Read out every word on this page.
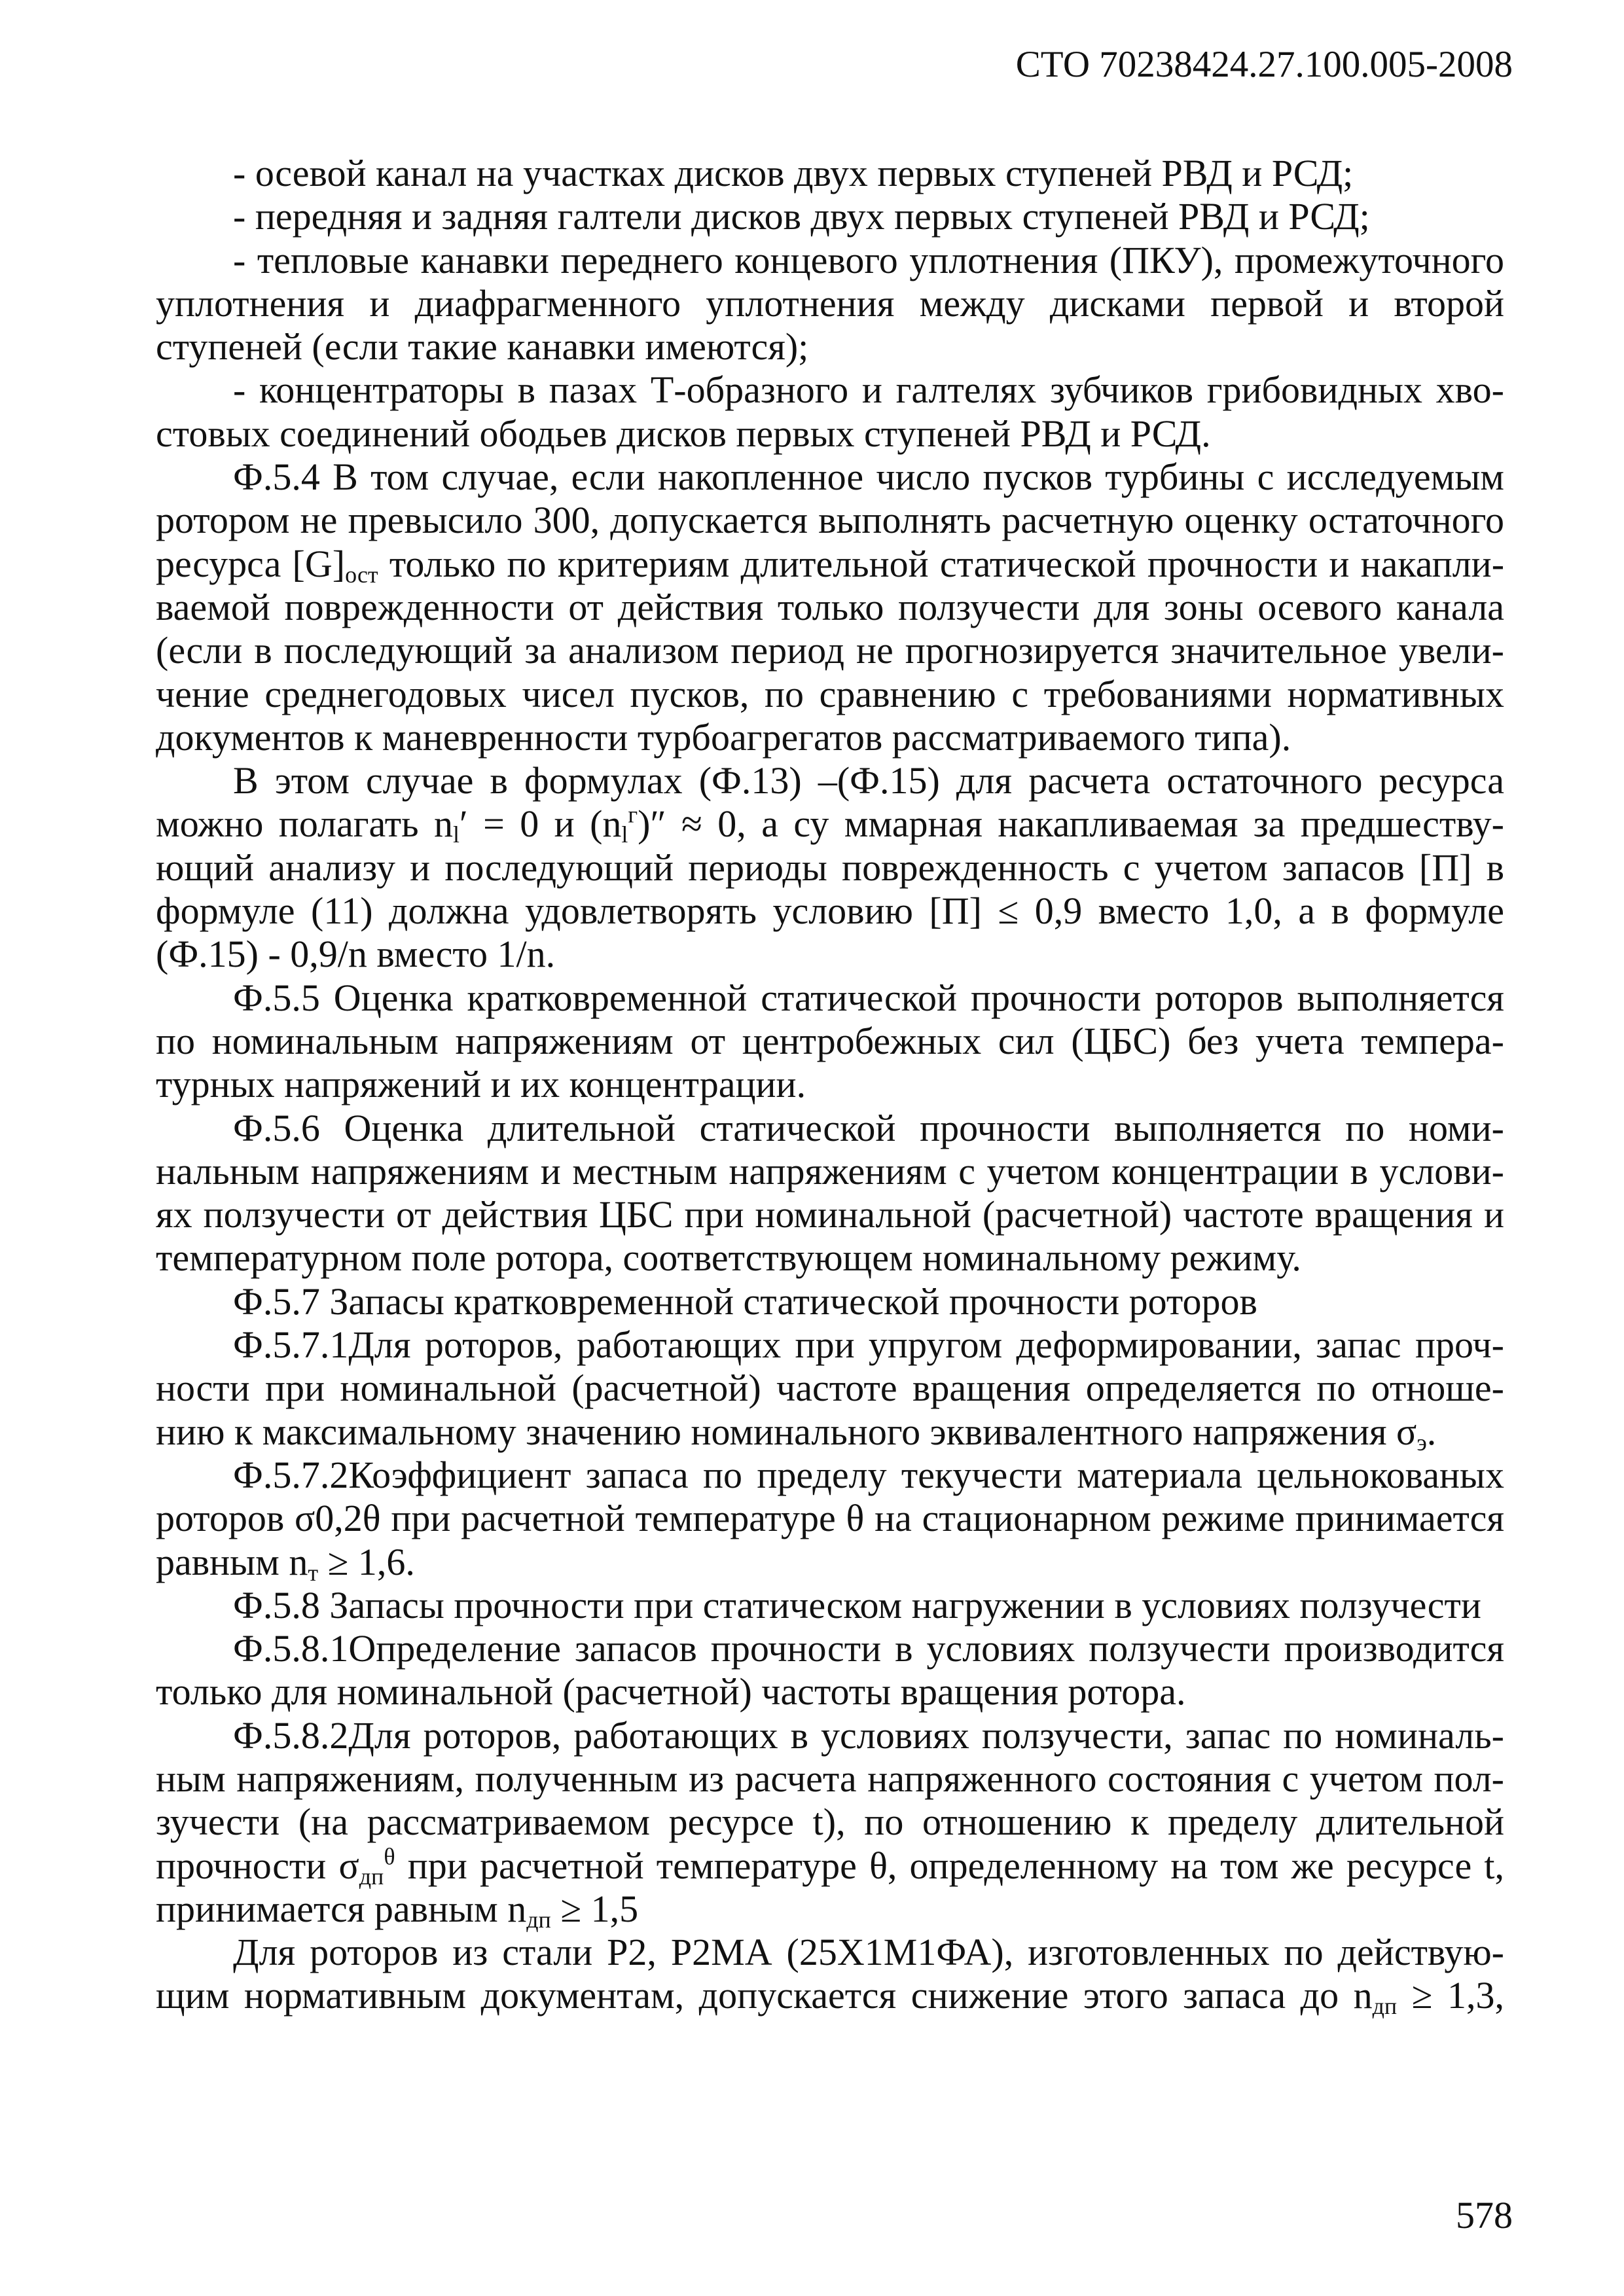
СТО 70238424.27.100.005-2008

- осевой канал на участках дисков двух первых ступеней РВД и РСД;

- передняя и задняя галтели дисков двух первых ступеней РВД и РСД;

- тепловые канавки переднего концевого уплотнения (ПКУ), промежуточного уплотнения и диафрагменного уплотнения между дисками первой и второй ступеней (если такие канавки имеются);

- концентраторы в пазах Т-образного и галтелях зубчиков грибовидных хвостовых соединений ободьев дисков первых ступеней РВД и РСД.

Ф.5.4 В том случае, если накопленное число пусков турбины с исследуемым ротором не превысило 300, допускается выполнять расчетную оценку остаточного ресурса $[G]_{ост}$ только по критериям длительной статической прочности и накапливаемой поврежденности от действия только ползучести для зоны осевого канала (если в последующий за анализом период не прогнозируется значительное увеличение среднегодовых чисел пусков, по сравнению с требованиями нормативных документов к маневренности турбоагрегатов рассматриваемого типа).

В этом случае в формулах (Ф.13) –(Ф.15) для расчета остаточного ресурса можно полагать $n_l' = 0$ и $(n_l^г)'' \approx 0$, а су ммарная накапливаемая за предшествующий анализу и последующий периоды поврежденность с учетом запасов [П] в формуле (11) должна удовлетворять условию [П] ≤ 0,9 вместо 1,0, а в формуле (Ф.15) - 0,9/n вместо 1/n.

Ф.5.5 Оценка кратковременной статической прочности роторов выполняется по номинальным напряжениям от центробежных сил (ЦБС) без учета температурных напряжений и их концентрации.

Ф.5.6 Оценка длительной статической прочности выполняется по номинальным напряжениям и местным напряжениям с учетом концентрации в условиях ползучести от действия ЦБС при номинальной (расчетной) частоте вращения и температурном поле ротора, соответствующем номинальному режиму.

Ф.5.7 Запасы кратковременной статической прочности роторов

Ф.5.7.1Для роторов, работающих при упругом деформировании, запас прочности при номинальной (расчетной) частоте вращения определяется по отношению к максимальному значению номинального эквивалентного напряжения $\sigma_э$.

Ф.5.7.2Коэффициент запаса по пределу текучести материала цельнокованых роторов σ0,2θ при расчетной температуре θ на стационарном режиме принимается равным $n_т \ge 1,6$.

Ф.5.8 Запасы прочности при статическом нагружении в условиях ползучести

Ф.5.8.1Определение запасов прочности в условиях ползучести производится только для номинальной (расчетной) частоты вращения ротора.

Ф.5.8.2Для роторов, работающих в условиях ползучести, запас по номинальным напряжениям, полученным из расчета напряженного состояния с учетом ползучести (на рассматриваемом ресурсе t), по отношению к пределу длительной прочности $\sigma_{дп}^\theta$ при расчетной температуре θ, определенному на том же ресурсе t, принимается равным $n_{дп} \ge 1,5$

Для роторов из стали Р2, Р2МА (25Х1М1ФА), изготовленных по действующим нормативным документам, допускается снижение этого запаса до $n_{дп} \ge 1,3$,

578
